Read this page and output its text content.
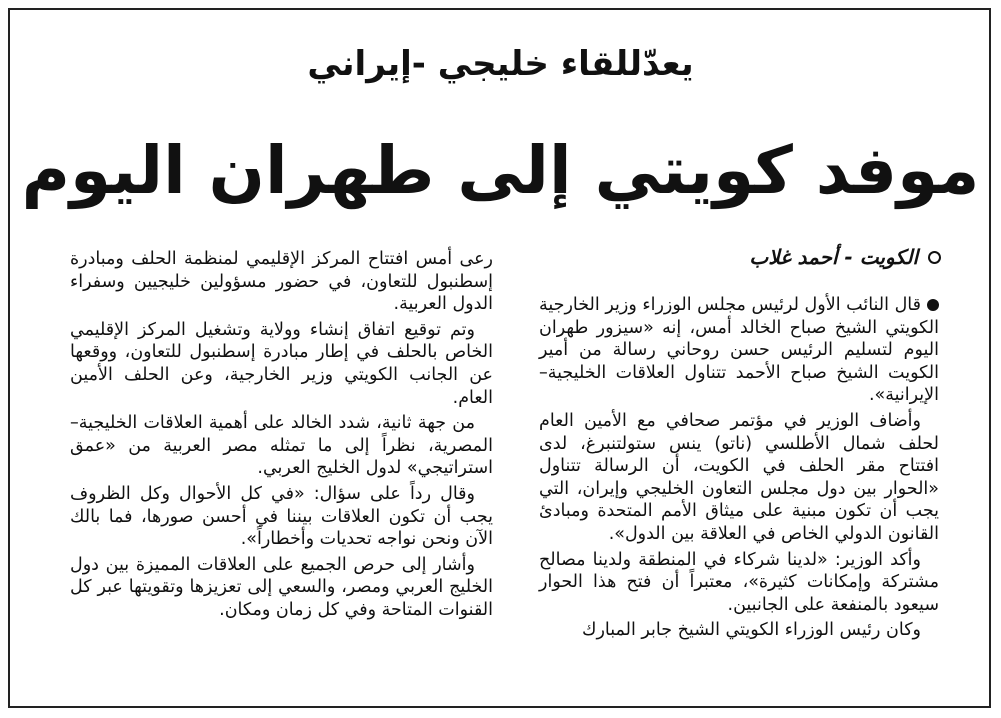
يعدّللقاء خليجي -إيراني
موفد كويتي إلى طهران اليوم
الكويت - أحمد غلاب

قال النائب الأول لرئيس مجلس الوزراء وزير الخارجية الكويتي الشيخ صباح الخالد أمس، إنه «سيزور طهران اليوم لتسليم الرئيس حسن روحاني رسالة من أمير الكويت الشيخ صباح الأحمد تتناول العلاقات الخليجية– الإيرانية».

وأضاف الوزير في مؤتمر صحافي مع الأمين العام لحلف شمال الأطلسي (ناتو) ينس ستولتنبرغ، لدى افتتاح مقر الحلف في الكويت، أن الرسالة تتناول «الحوار بين دول مجلس التعاون الخليجي وإيران، التي يجب أن تكون مبنية على ميثاق الأمم المتحدة ومبادئ القانون الدولي الخاص في العلاقة بين الدول».

وأكد الوزير: «لدينا شركاء في المنطقة ولدينا مصالح مشتركة وإمكانات كثيرة»، معتبراً أن فتح هذا الحوار سيعود بالمنفعة على الجانبين.

وكان رئيس الوزراء الكويتي الشيخ جابر المبارك

رعى أمس افتتاح المركز الإقليمي لمنظمة الحلف ومبادرة إسطنبول للتعاون، في حضور مسؤولين خليجيين وسفراء الدول العربية.

وتم توقيع اتفاق إنشاء وولاية وتشغيل المركز الإقليمي الخاص بالحلف في إطار مبادرة إسطنبول للتعاون، ووقعها عن الجانب الكويتي وزير الخارجية، وعن الحلف الأمين العام.

من جهة ثانية، شدد الخالد على أهمية العلاقات الخليجية– المصرية، نظراً إلى ما تمثله مصر العربية من «عمق استراتيجي» لدول الخليج العربي.

وقال رداً على سؤال: «في كل الأحوال وكل الظروف يجب أن تكون العلاقات بيننا في أحسن صورها، فما بالك الآن ونحن نواجه تحديات وأخطاراً».

وأشار إلى حرص الجميع على العلاقات المميزة بين دول الخليج العربي ومصر، والسعي إلى تعزيزها وتقويتها عبر كل القنوات المتاحة وفي كل زمان ومكان.
